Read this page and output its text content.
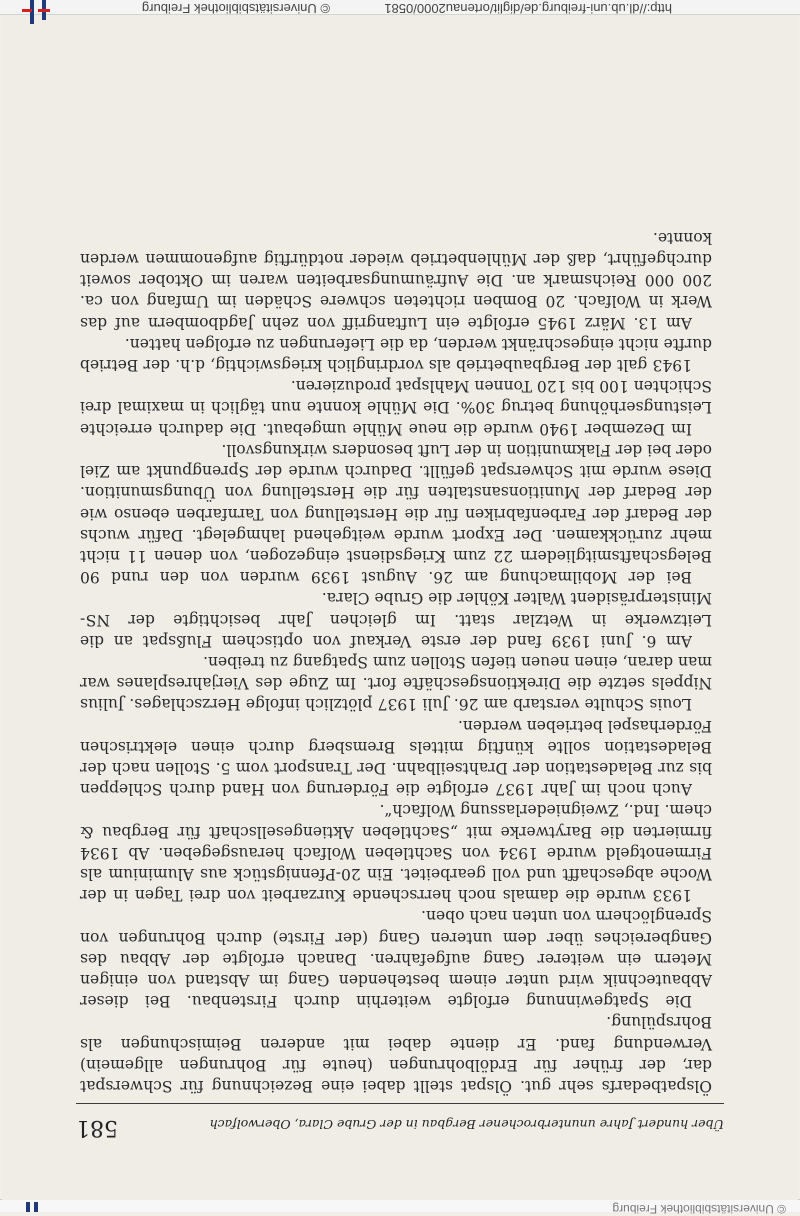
© Universitätsbibliothek Freiburg
Über hundert Jahre ununterbrochener Bergbau in der Grube Clara, Oberwolfach
581

Ölspatbedarfs sehr gut. Ölspat stellt dabei eine Bezeichnung für Schwerspat dar, der früher für Erdölbohrungen (heute für Bohrungen allgemein) Verwendung fand. Er diente dabei mit anderen Beimischungen als Bohrspülung.

Die Spatgewinnung erfolgte weiterhin durch Firstenbau. Bei dieser Abbautechnik wird unter einem bestehenden Gang im Abstand von einigen Metern ein weiterer Gang aufgefahren. Danach erfolgte der Abbau des Gangbereiches über dem unteren Gang (der Firste) durch Bohrungen von Sprenglöchern von unten nach oben.

1933 wurde die damals noch herrschende Kurzarbeit von drei Tagen in der Woche abgeschafft und voll gearbeitet. Ein 20-Pfennigstück aus Aluminium als Firmenotgeld wurde 1934 von Sachtleben Wolfach herausgegeben. Ab 1934 firmierten die Barytwerke mit „Sachtleben Aktiengesellschaft für Bergbau & chem. Ind., Zweigniederlassung Wolfach“.

Auch noch im Jahr 1937 erfolgte die Förderung von Hand durch Schleppen bis zur Beladestation der Drahtseilbahn. Der Transport vom 5. Stollen nach der Beladestation sollte künftig mittels Bremsberg durch einen elektrischen Förderhaspel betrieben werden.

Louis Schulte verstarb am 26. Juli 1937 plötzlich infolge Herzschlages. Julius Nippels setzte die Direktionsgeschäfte fort. Im Zuge des Vierjahresplanes war man daran, einen neuen tiefen Stollen zum Spatgang zu treiben.

Am 6. Juni 1939 fand der erste Verkauf von optischem Flußspat an die Leitzwerke in Wetzlar statt. Im gleichen Jahr besichtigte der NS-Ministerpräsident Walter Köhler die Grube Clara.

Bei der Mobilmachung am 26. August 1939 wurden von den rund 90 Belegschaftsmitgliedern 22 zum Kriegsdienst eingezogen, von denen 11 nicht mehr zurückkamen. Der Export wurde weitgehend lahmgelegt. Dafür wuchs der Bedarf der Farbenfabriken für die Herstellung von Tarnfarben ebenso wie der Bedarf der Munitionsanstalten für die Herstellung von Übungsmunition. Diese wurde mit Schwerspat gefüllt. Dadurch wurde der Sprengpunkt am Ziel oder bei der Flakmunition in der Luft besonders wirkungsvoll.

Im Dezember 1940 wurde die neue Mühle umgebaut. Die dadurch erreichte Leistungserhöhung betrug 30%. Die Mühle konnte nun täglich in maximal drei Schichten 100 bis 120 Tonnen Mahlspat produzieren.

1943 galt der Bergbaubetrieb als vordringlich kriegswichtig, d.h. der Betrieb durfte nicht eingeschränkt werden, da die Lieferungen zu erfolgen hatten.

Am 13. März 1945 erfolgte ein Luftangriff von zehn Jagdbombern auf das Werk in Wolfach. 20 Bomben richteten schwere Schäden im Umfang von ca. 200 000 Reichsmark an. Die Aufräumungsarbeiten waren im Oktober soweit durchgeführt, daß der Mühlenbetrieb wieder notdürftig aufgenommen werden konnte.

http://dl.ub.uni-freiburg.de/diglit/ortenau2000/0581
© Universitätsbibliothek Freiburg
